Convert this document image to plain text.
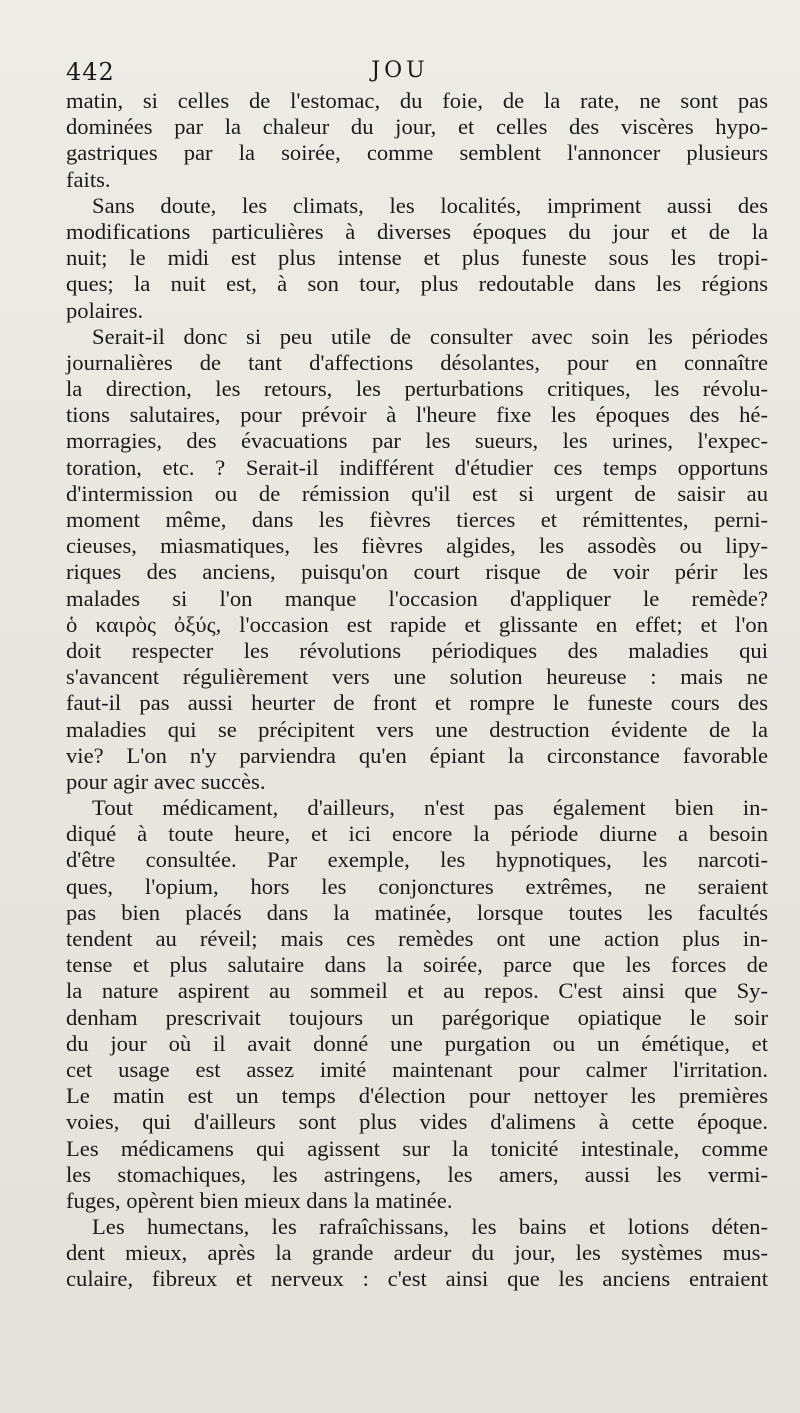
442	JOU
matin, si celles de l'estomac, du foie, de la rate, ne sont pas
dominées par la chaleur du jour, et celles des viscères hypo-
gastriques par la soirée, comme semblent l'annoncer plusieurs
faits.
Sans doute, les climats, les localités, impriment aussi des
modifications particulières à diverses époques du jour et de la
nuit; le midi est plus intense et plus funeste sous les tropi-
ques; la nuit est, à son tour, plus redoutable dans les régions
polaires.
Serait-il donc si peu utile de consulter avec soin les périodes
journalières de tant d'affections désolantes, pour en connaître
la direction, les retours, les perturbations critiques, les révolu-
tions salutaires, pour prévoir à l'heure fixe les époques des hé-
morragies, des évacuations par les sueurs, les urines, l'expec-
toration, etc. ? Serait-il indifférent d'étudier ces temps opportuns
d'intermission ou de rémission qu'il est si urgent de saisir au
moment même, dans les fièvres tierces et rémittentes, perni-
cieuses, miasmatiques, les fièvres algides, les assodès ou lipy-
riques des anciens, puisqu'on court risque de voir périr les
malades si l'on manque l'occasion d'appliquer le remède?
ὁ καιρὸς ὀξύς, l'occasion est rapide et glissante en effet; et l'on
doit respecter les révolutions périodiques des maladies qui
s'avancent régulièrement vers une solution heureuse : mais ne
faut-il pas aussi heurter de front et rompre le funeste cours des
maladies qui se précipitent vers une destruction évidente de la
vie? L'on n'y parviendra qu'en épiant la circonstance favorable
pour agir avec succès.
Tout médicament, d'ailleurs, n'est pas également bien in-
diqué à toute heure, et ici encore la période diurne a besoin
d'être consultée. Par exemple, les hypnotiques, les narcoti-
ques, l'opium, hors les conjonctures extrêmes, ne seraient
pas bien placés dans la matinée, lorsque toutes les facultés
tendent au réveil; mais ces remèdes ont une action plus in-
tense et plus salutaire dans la soirée, parce que les forces de
la nature aspirent au sommeil et au repos. C'est ainsi que Sy-
denham prescrivait toujours un parégorique opiatique le soir
du jour où il avait donné une purgation ou un émétique, et
cet usage est assez imité maintenant pour calmer l'irritation.
Le matin est un temps d'élection pour nettoyer les premières
voies, qui d'ailleurs sont plus vides d'alimens à cette époque.
Les médicamens qui agissent sur la tonicité intestinale, comme
les stomachiques, les astringens, les amers, aussi les vermi-
fuges, opèrent bien mieux dans la matinée.
Les humectans, les rafraîchissans, les bains et lotions déten-
dent mieux, après la grande ardeur du jour, les systèmes mus-
culaire, fibreux et nerveux : c'est ainsi que les anciens entraient
